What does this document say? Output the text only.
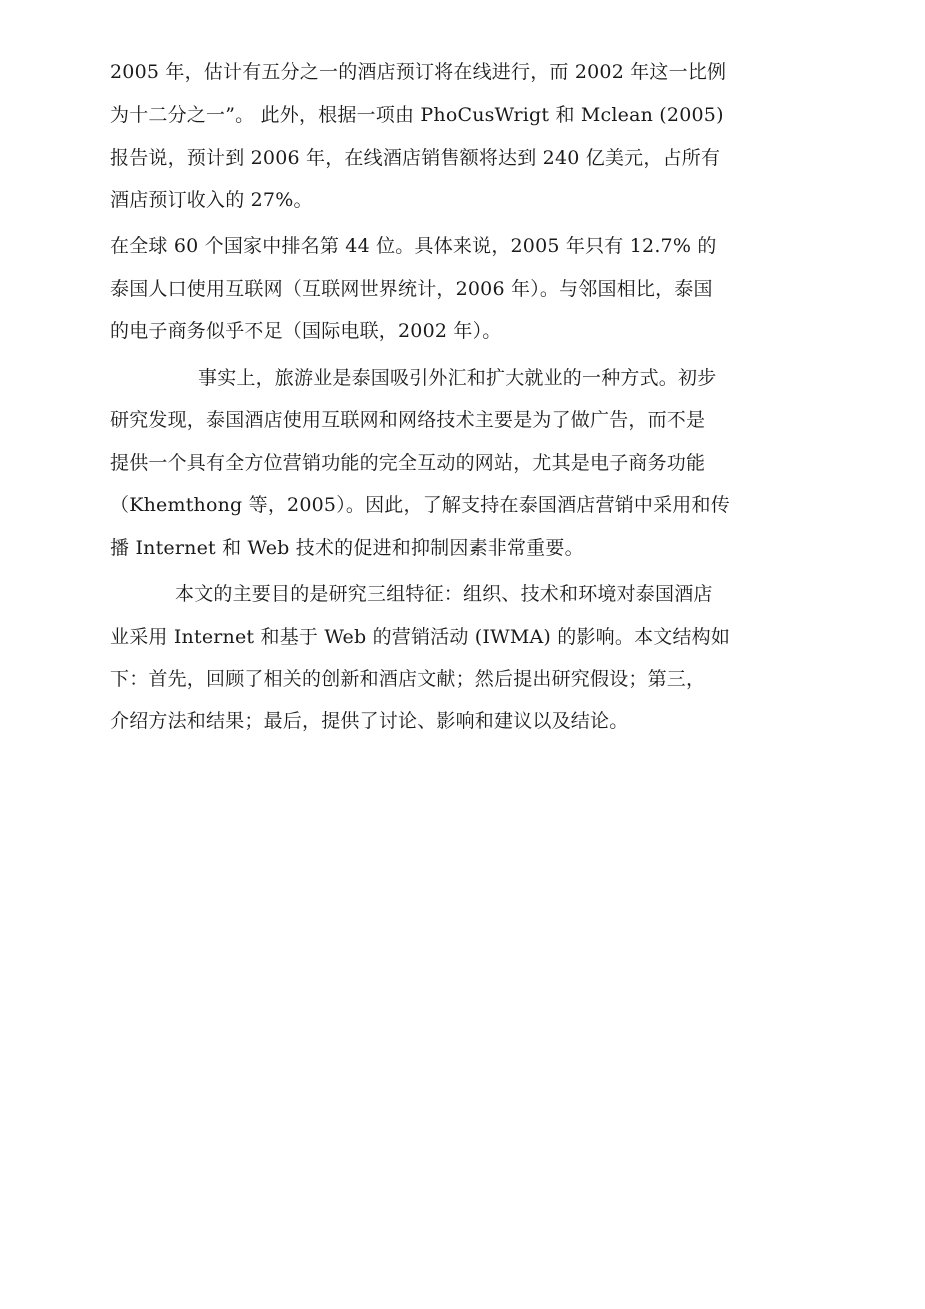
2005 年，估计有五分之一的酒店预订将在线进行，而 2002 年这一比例
为十二分之一”。 此外，根据一项由 PhoCusWrigt 和 Mclean (2005)
报告说，预计到 2006 年，在线酒店销售额将达到 240 亿美元，占所有
酒店预订收入的 27%。
在全球 60 个国家中排名第 44 位。具体来说，2005 年只有 12.7% 的
泰国人口使用互联网（互联网世界统计，2006 年）。与邻国相比，泰国
的电子商务似乎不足（国际电联，2002 年）。
事实上，旅游业是泰国吸引外汇和扩大就业的一种方式。初步
研究发现，泰国酒店使用互联网和网络技术主要是为了做广告，而不是
提供一个具有全方位营销功能的完全互动的网站，尤其是电子商务功能
（Khemthong 等，2005）。因此，了解支持在泰国酒店营销中采用和传
播 Internet 和 Web 技术的促进和抑制因素非常重要。
本文的主要目的是研究三组特征：组织、技术和环境对泰国酒店
业采用 Internet 和基于 Web 的营销活动 (IWMA) 的影响。本文结构如
下：首先，回顾了相关的创新和酒店文献；然后提出研究假设；第三，
介绍方法和结果；最后，提供了讨论、影响和建议以及结论。
